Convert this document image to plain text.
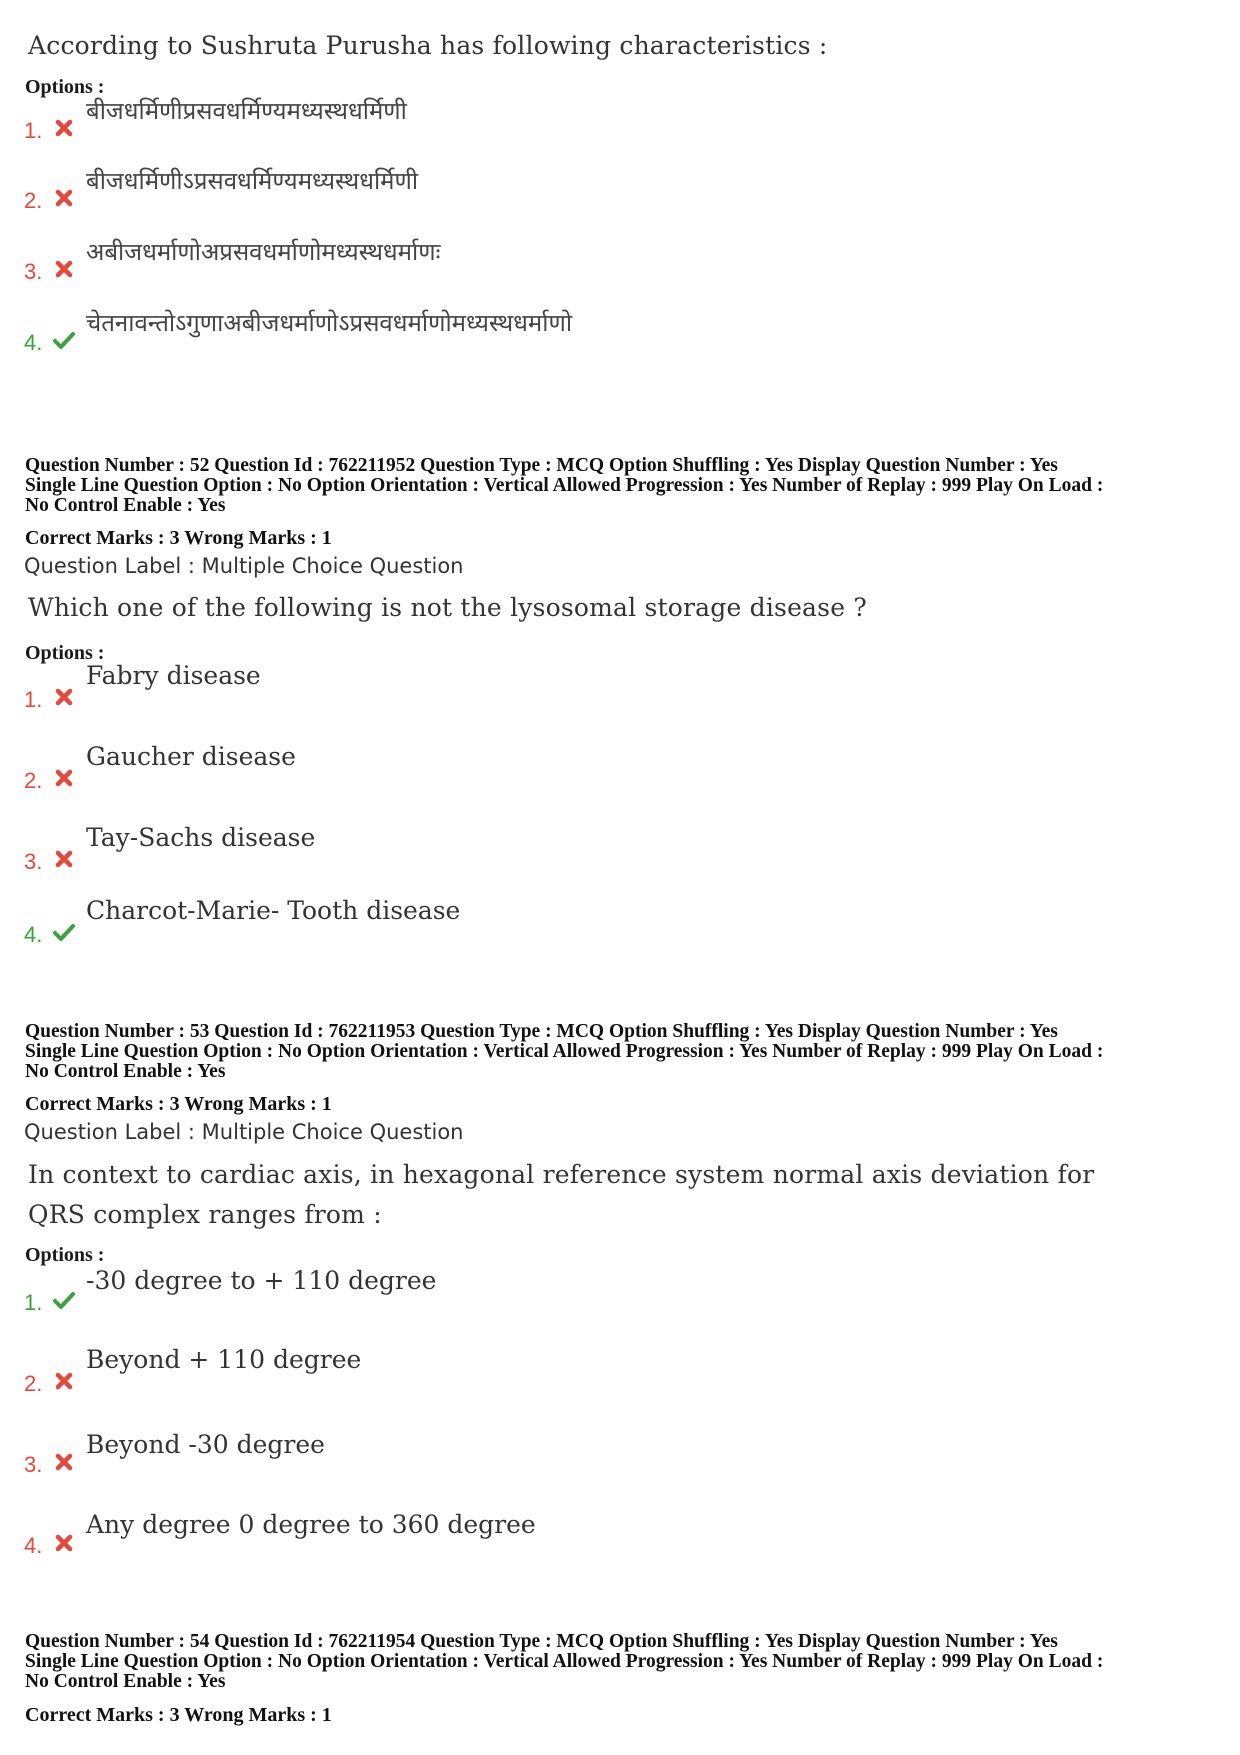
According to Sushruta Purusha has following characteristics :
Options :
1.
बीजधर्मिणीप्रसवधर्मिण्यमध्यस्थधर्मिणी
2.
बीजधर्मिणीऽप्रसवधर्मिण्यमध्यस्थधर्मिणी
3.
अबीजधर्माणोअप्रसवधर्माणोमध्यस्थधर्माणः
4.
चेतनावन्तोऽगुणाअबीजधर्माणोऽप्रसवधर्माणोमध्यस्थधर्माणो
Question Number : 52 Question Id : 762211952 Question Type : MCQ Option Shuffling : Yes Display Question Number : Yes
Single Line Question Option : No Option Orientation : Vertical Allowed Progression : Yes Number of Replay : 999 Play On Load :
No Control Enable : Yes
Correct Marks : 3 Wrong Marks : 1
Question Label : Multiple Choice Question
Which one of the following is not the lysosomal storage disease ?
Options :
1.
Fabry disease
2.
Gaucher disease
3.
Tay-Sachs disease
4.
Charcot-Marie- Tooth disease
Question Number : 53 Question Id : 762211953 Question Type : MCQ Option Shuffling : Yes Display Question Number : Yes
Single Line Question Option : No Option Orientation : Vertical Allowed Progression : Yes Number of Replay : 999 Play On Load :
No Control Enable : Yes
Correct Marks : 3 Wrong Marks : 1
Question Label : Multiple Choice Question
In context to cardiac axis, in hexagonal reference system normal axis deviation for
QRS complex ranges from :
Options :
1.
-30 degree to + 110 degree
2.
Beyond + 110 degree
3.
Beyond -30 degree
4.
Any degree 0 degree to 360 degree
Question Number : 54 Question Id : 762211954 Question Type : MCQ Option Shuffling : Yes Display Question Number : Yes
Single Line Question Option : No Option Orientation : Vertical Allowed Progression : Yes Number of Replay : 999 Play On Load :
No Control Enable : Yes
Correct Marks : 3 Wrong Marks : 1
